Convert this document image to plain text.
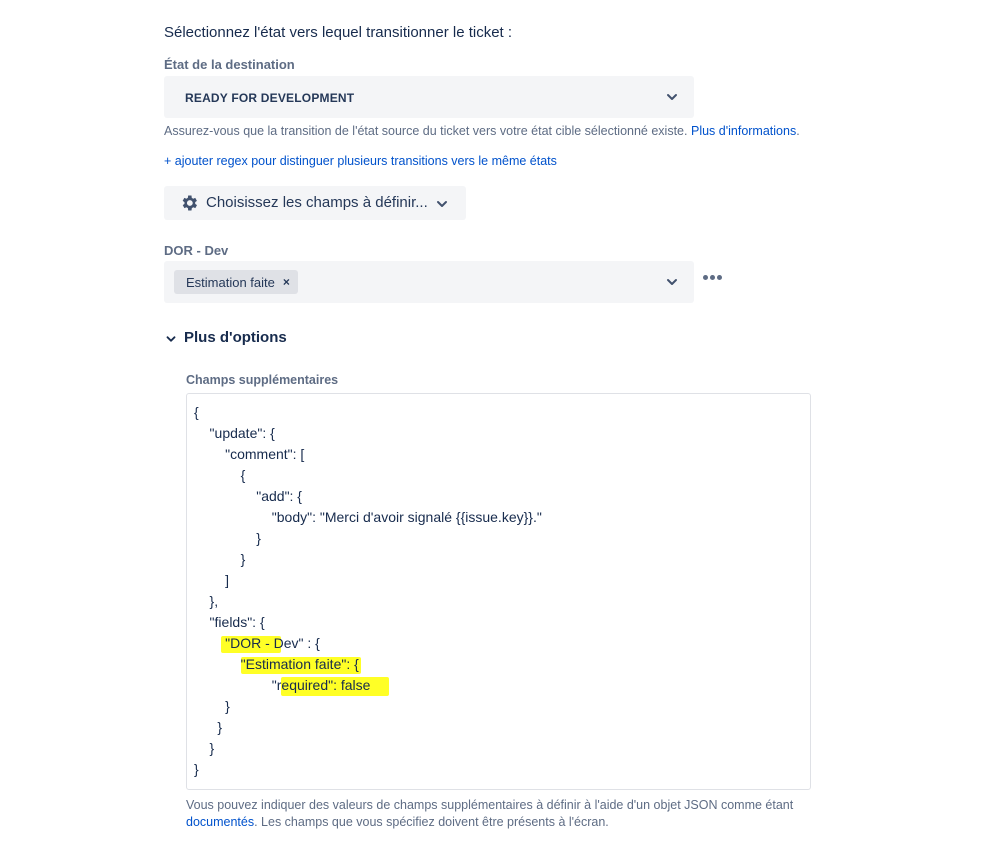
Sélectionnez l'état vers lequel transitionner le ticket :
État de la destination
READY FOR DEVELOPMENT
Assurez-vous que la transition de l'état source du ticket vers votre état cible sélectionné existe. Plus d'informations.
+ ajouter regex pour distinguer plusieurs transitions vers le même états
Choisissez les champs à définir...
DOR - Dev
Estimation faite ×
Plus d'options
Champs supplémentaires
{
"update": {
"comment": [
{
"add": {
"body": "Merci d'avoir signalé {{issue.key}}."
}
}
]
},
"fields": {
"DOR - Dev" : {
"Estimation faite": {
"required": false
}
}
}
}
Vous pouvez indiquer des valeurs de champs supplémentaires à définir à l'aide d'un objet JSON comme étant documentés. Les champs que vous spécifiez doivent être présents à l'écran.
